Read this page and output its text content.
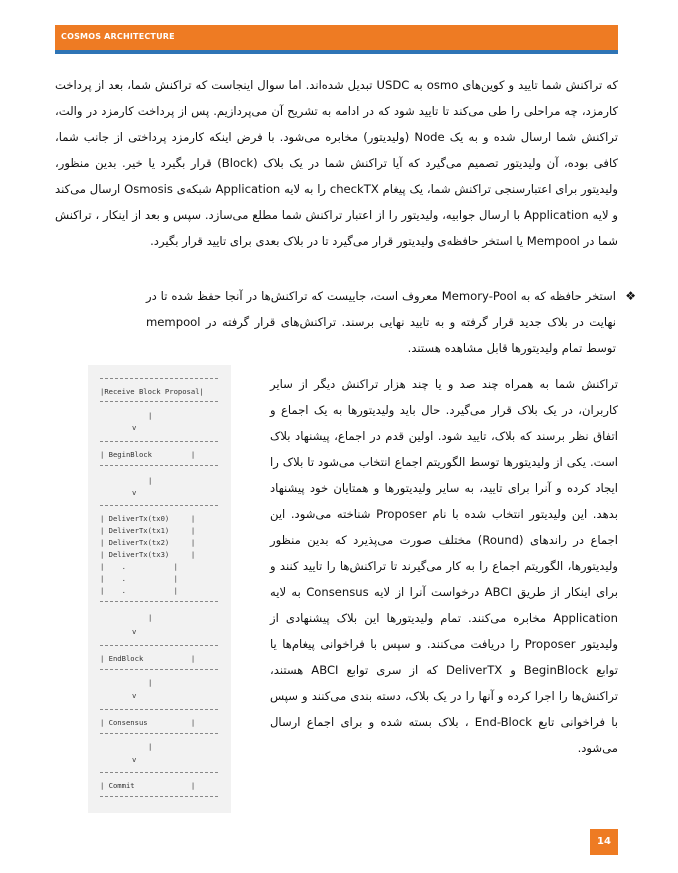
COSMOS ARCHITECTURE

که تراکنش شما تایید و کوین‌های osmo به USDC تبدیل شده‌اند. اما سوال اینجاست که تراکنش شما، بعد از پرداخت کارمزد، چه مراحلی را طی می‌کند تا تایید شود که در ادامه به تشریح آن می‌پردازیم. پس از پرداخت کارمزد در والت، تراکنش شما ارسال شده و به یک Node (ولیدیتور) مخابره می‌شود. با فرض اینکه کارمزد پرداختی از جانب شما، کافی بوده، آن ولیدیتور تصمیم می‌گیرد که آیا تراکنش شما در یک بلاک (Block) قرار بگیرد یا خیر. بدین منظور، ولیدیتور برای اعتبارسنجی تراکنش شما، یک پیغام checkTX را به لایه Application شبکه‌ی Osmosis ارسال می‌کند و لایه Application با ارسال جوابیه، ولیدیتور را از اعتبار تراکنش شما مطلع می‌سازد. سپس و بعد از اینکار ، تراکنش شما در Mempool یا استخر حافظه‌ی ولیدیتور قرار می‌گیرد تا در بلاک بعدی برای تایید قرار بگیرد.

❖
استخر حافظه که به Memory-Pool معروف است، جاییست که تراکنش‌ها در آنجا حفظ شده تا در نهایت در بلاک جدید قرار گرفته و به تایید نهایی برسند. تراکنش‌های قرار گرفته در mempool توسط تمام ولیدیتورها قابل مشاهده هستند.
|Receive Block Proposal|
|
v
| BeginBlock         |
|
v
| DeliverTx(tx0)     |
| DeliverTx(tx1)     |
| DeliverTx(tx2)     |
| DeliverTx(tx3)     |
|    .           |
|    .           |
|    .           |
|
v
| EndBlock           |
|
v
| Consensus          |
|
v
| Commit             |

تراکنش شما به همراه چند صد و یا چند هزار تراکنش دیگر از سایر کاربران، در یک بلاک قرار می‌گیرد. حال باید ولیدیتورها به یک اجماع و اتفاق نظر برسند که بلاک، تایید شود. اولین قدم در اجماع، پیشنهاد بلاک است. یکی از ولیدیتورها توسط الگوریتم اجماع انتخاب می‌شود تا بلاک را ایجاد کرده و آنرا برای تایید، به سایر ولیدیتورها و همتایان خود پیشنهاد بدهد. این ولیدیتور انتخاب شده با نام Proposer شناخته می‌شود. این اجماع در راندهای (Round) مختلف صورت می‌پذیرد که بدین منظور ولیدیتورها، الگوریتم اجماع را به کار می‌گیرند تا تراکنش‌ها را تایید کنند و برای اینکار از طریق ABCI درخواست آنرا از لایه Consensus به لایه Application مخابره می‌کنند. تمام ولیدیتورها این بلاک پیشنهادی از ولیدیتور Proposer را دریافت می‌کنند. و سپس با فراخوانی پیغام‌ها یا توابع BeginBlock و DeliverTX که از سری توابع ABCI هستند، تراکنش‌ها را اجرا کرده و آنها را در یک بلاک، دسته بندی می‌کنند و سپس با فراخوانی تابع End-Block ، بلاک بسته شده و برای اجماع ارسال می‌شود.

14
